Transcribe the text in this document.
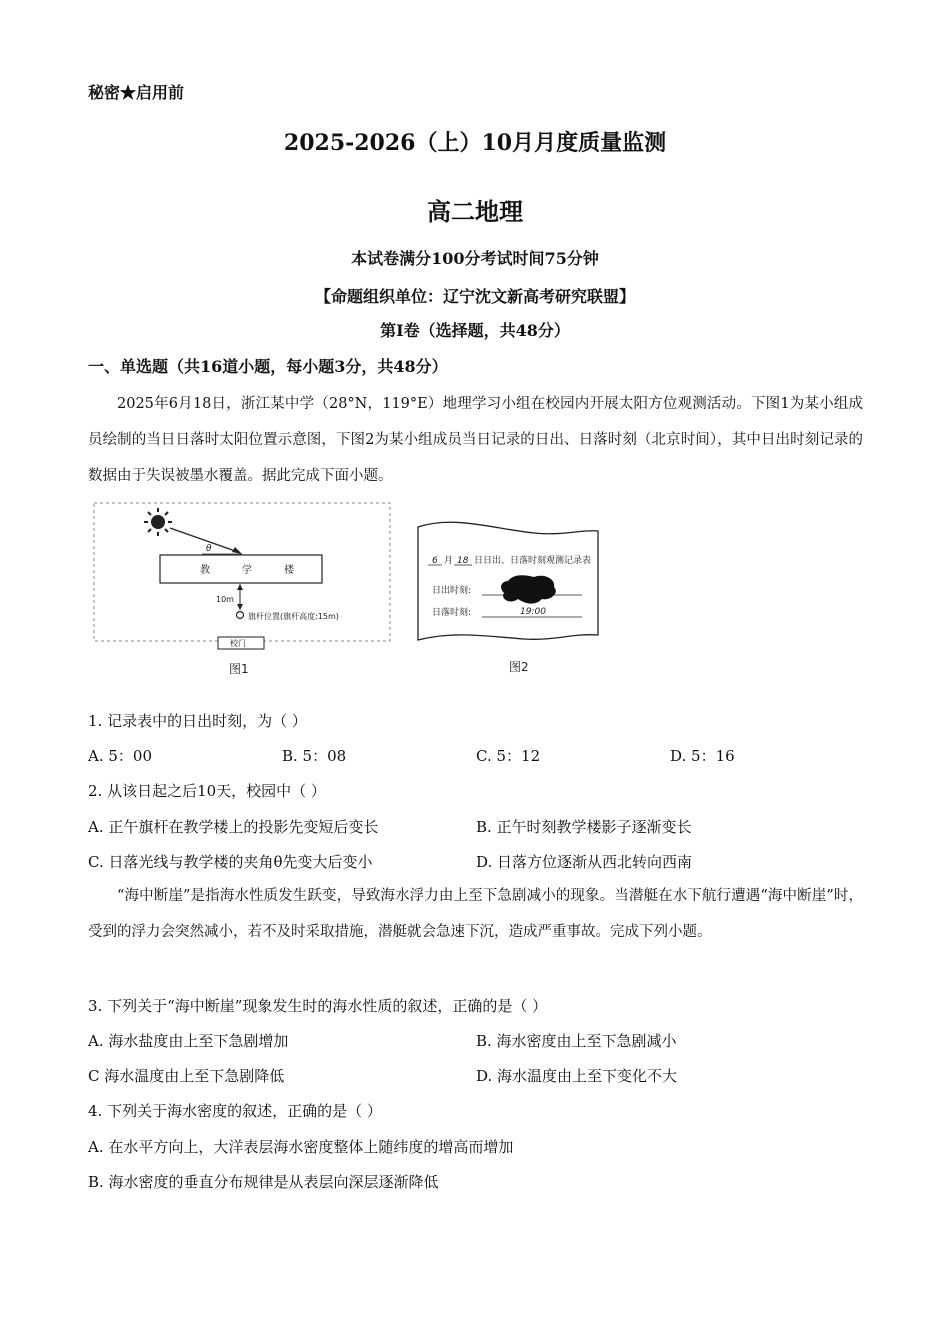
秘密★启用前
2025-2026（上）10月月度质量监测
高二地理
本试卷满分100分考试时间75分钟
【命题组织单位：辽宁沈文新高考研究联盟】
第I卷（选择题，共48分）
一、单选题（共16道小题，每小题3分，共48分）
2025年6月18日，浙江某中学（28°N，119°E）地理学习小组在校园内开展太阳方位观测活动。下图1为某小组成员绘制的当日日落时太阳位置示意图，下图2为某小组成员当日记录的日出、日落时刻（北京时间），其中日出时刻记录的数据由于失误被墨水覆盖。据此完成下面小题。
θ
教	学	楼
10m
旗杆位置(旗杆高度:15m)
校门
图1
6 月 18 日日出、日落时刻观测记录表
日出时刻:
日落时刻:	19:00
图2
1. 记录表中的日出时刻，为（ ）
A. 5：00	B. 5：08	C. 5：12	D. 5：16
2. 从该日起之后10天，校园中（ ）
A. 正午旗杆在教学楼上的投影先变短后变长	B. 正午时刻教学楼影子逐渐变长
C. 日落光线与教学楼的夹角θ先变大后变小	D. 日落方位逐渐从西北转向西南
“海中断崖”是指海水性质发生跃变，导致海水浮力由上至下急剧减小的现象。当潜艇在水下航行遭遇“海中断崖”时，受到的浮力会突然减小，若不及时采取措施，潜艇就会急速下沉，造成严重事故。完成下列小题。
3. 下列关于“海中断崖”现象发生时的海水性质的叙述，正确的是（ ）
A. 海水盐度由上至下急剧增加	B. 海水密度由上至下急剧减小
C 海水温度由上至下急剧降低	D. 海水温度由上至下变化不大
4. 下列关于海水密度的叙述，正确的是（ ）
A. 在水平方向上，大洋表层海水密度整体上随纬度的增高而增加
B. 海水密度的垂直分布规律是从表层向深层逐渐降低
